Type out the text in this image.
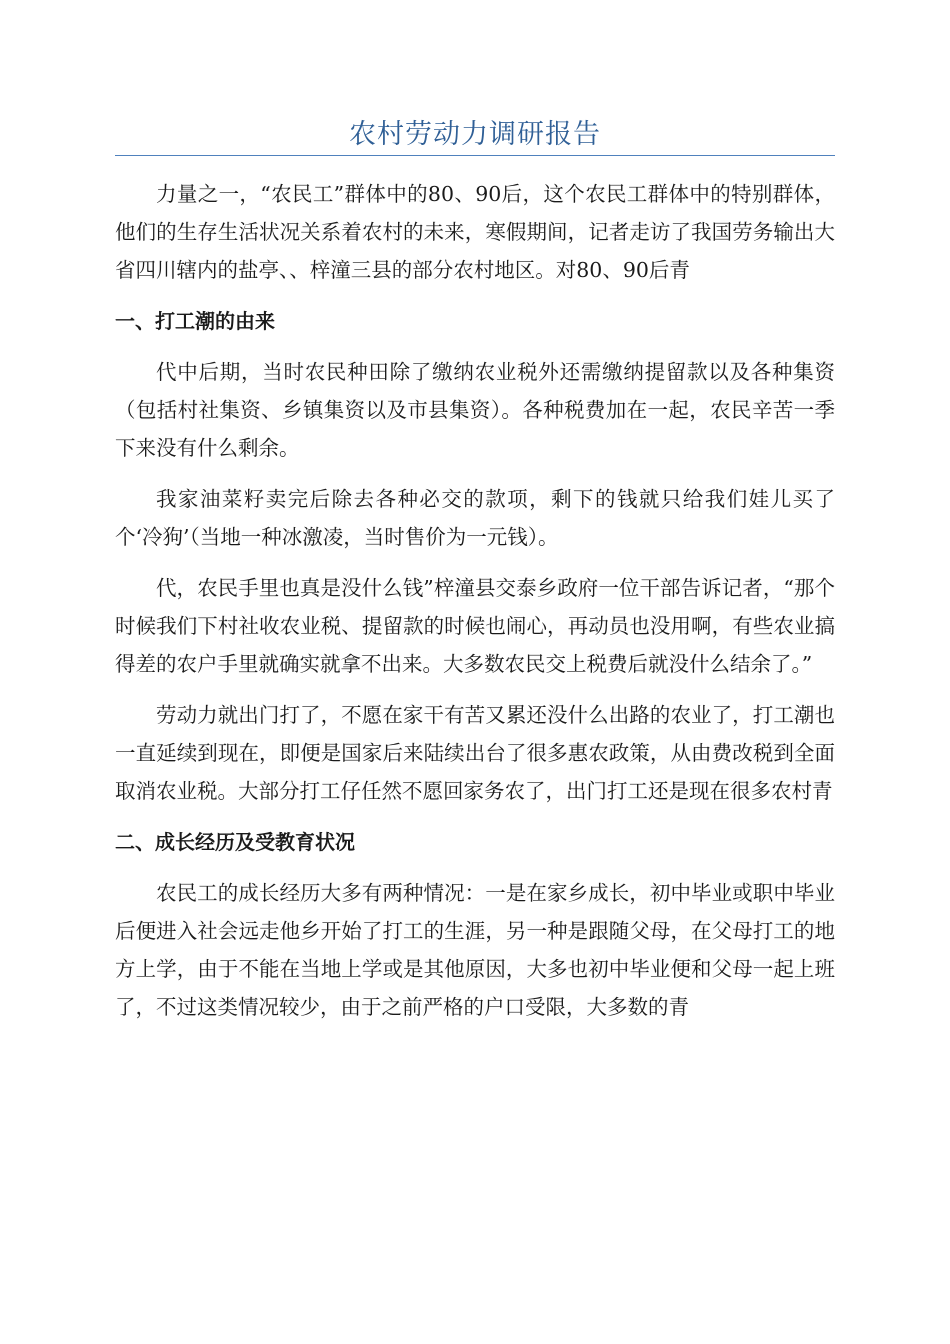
农村劳动力调研报告

力量之一，“农民工”群体中的80、90后，这个农民工群体中的特别群体，他们的生存生活状况关系着农村的未来，寒假期间，记者走访了我国劳务输出大省四川辖内的盐亭、、梓潼三县的部分农村地区。对80、90后青

一、打工潮的由来

代中后期，当时农民种田除了缴纳农业税外还需缴纳提留款以及各种集资（包括村社集资、乡镇集资以及市县集资）。各种税费加在一起，农民辛苦一季下来没有什么剩余。

我家油菜籽卖完后除去各种必交的款项，剩下的钱就只给我们娃儿买了个‘冷狗’（当地一种冰激凌，当时售价为一元钱）。

代，农民手里也真是没什么钱”梓潼县交泰乡政府一位干部告诉记者，“那个时候我们下村社收农业税、提留款的时候也闹心，再动员也没用啊，有些农业搞得差的农户手里就确实就拿不出来。大多数农民交上税费后就没什么结余了。”

劳动力就出门打了，不愿在家干有苦又累还没什么出路的农业了，打工潮也一直延续到现在，即便是国家后来陆续出台了很多惠农政策，从由费改税到全面取消农业税。大部分打工仔任然不愿回家务农了，出门打工还是现在很多农村青

二、成长经历及受教育状况

农民工的成长经历大多有两种情况：一是在家乡成长，初中毕业或职中毕业后便进入社会远走他乡开始了打工的生涯，另一种是跟随父母，在父母打工的地方上学，由于不能在当地上学或是其他原因，大多也初中毕业便和父母一起上班了，不过这类情况较少，由于之前严格的户口受限，大多数的青
